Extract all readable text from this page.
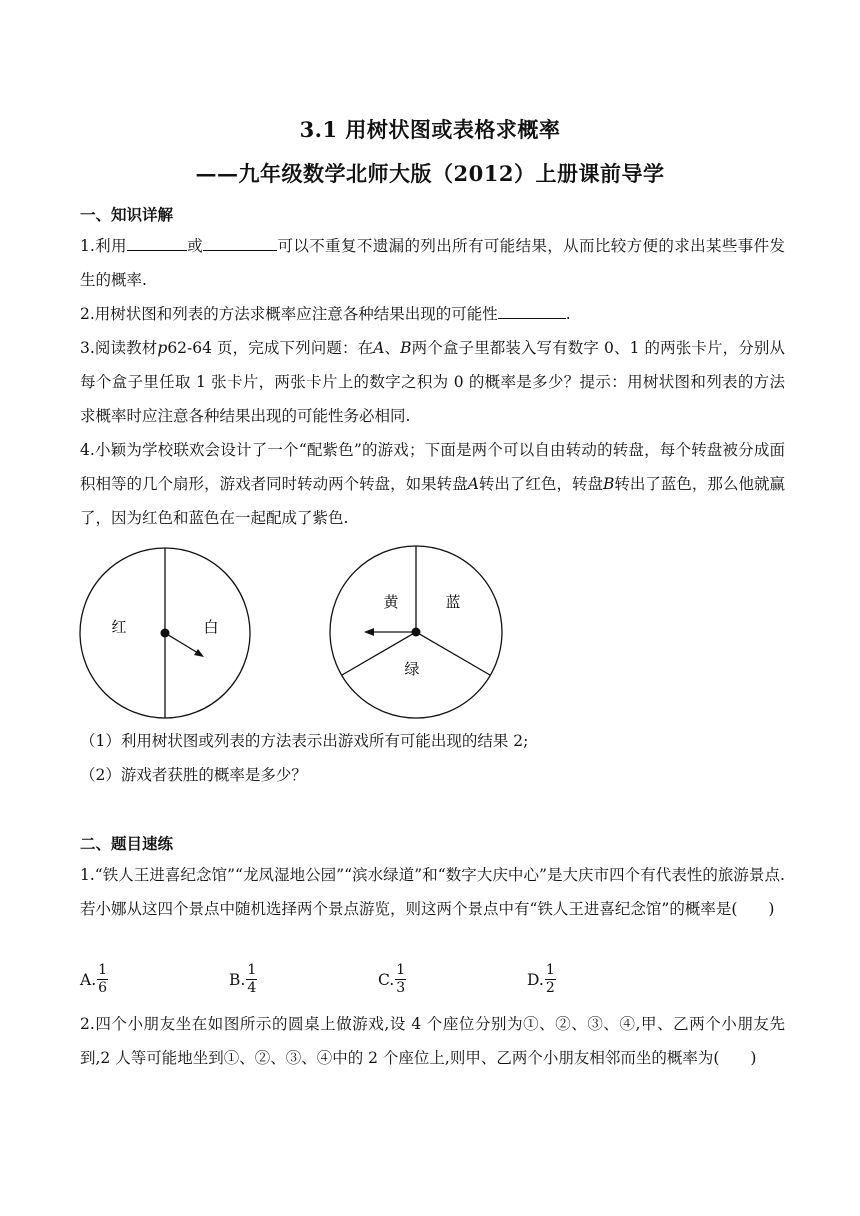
3.1 用树状图或表格求概率
——九年级数学北师大版（2012）上册课前导学
一、知识详解
1.利用	或	可以不重复不遗漏的列出所有可能结果，从而比较方便的求出某些事件发生的概率.
2.用树状图和列表的方法求概率应注意各种结果出现的可能性	.
3.阅读教材p62-64 页，完成下列问题：在A、B两个盒子里都装入写有数字 0、1 的两张卡片，分别从每个盒子里任取 1 张卡片，两张卡片上的数字之积为 0 的概率是多少？提示：用树状图和列表的方法求概率时应注意各种结果出现的可能性务必相同.
4.小颖为学校联欢会设计了一个“配紫色”的游戏；下面是两个可以自由转动的转盘，每个转盘被分成面积相等的几个扇形，游戏者同时转动两个转盘，如果转盘A转出了红色，转盘B转出了蓝色，那么他就赢了，因为红色和蓝色在一起配成了紫色.
红	白
黄	蓝
绿
（1）利用树状图或列表的方法表示出游戏所有可能出现的结果 2;
（2）游戏者获胜的概率是多少？
二、题目速练
1.“铁人王进喜纪念馆”“龙凤湿地公园”“滨水绿道”和“数字大庆中心”是大庆市四个有代表性的旅游景点.若小娜从这四个景点中随机选择两个景点游览，则这两个景点中有“铁人王进喜纪念馆”的概率是(　　)
A. $\frac{1}{6}$	B. $\frac{1}{4}$	C. $\frac{1}{3}$	D. $\frac{1}{2}$
2.四个小朋友坐在如图所示的圆桌上做游戏,设 4 个座位分别为①、②、③、④,甲、乙两个小朋友先到,2 人等可能地坐到①、②、③、④中的 2 个座位上,则甲、乙两个小朋友相邻而坐的概率为(　　)
